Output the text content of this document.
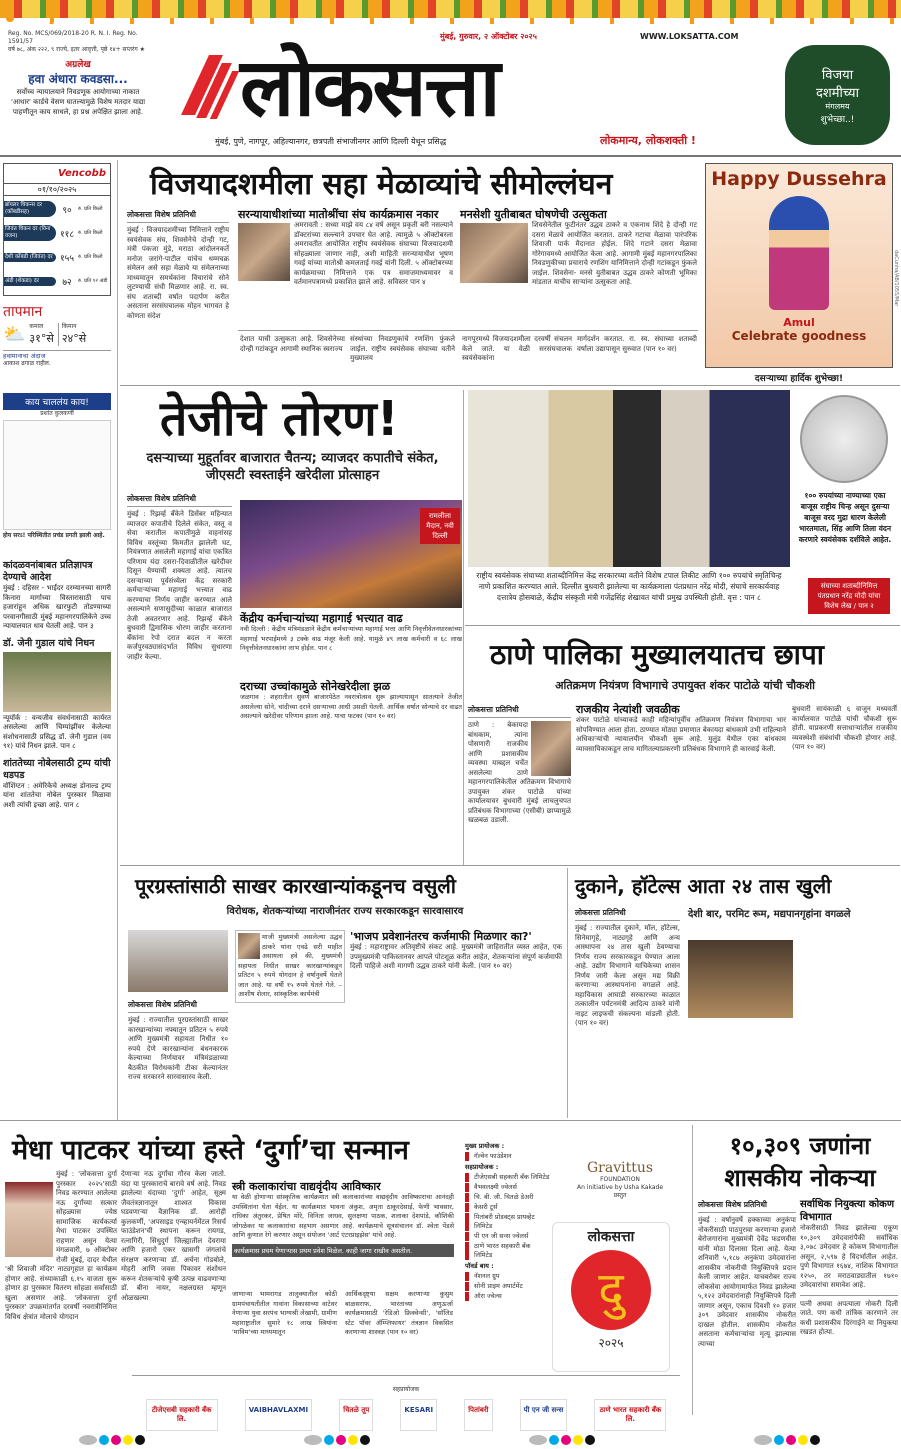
Reg. No. MCS/069/2018-20 R. N. I. Reg. No. 1591/57
वर्ष ७८, अंक २२२, ९ राज्ये, इतर आवृत्ती, पृष्ठे १४+ सप्तरंग ★
अग्रलेख
हवा अंधारा कवडसा...
सर्वोच्च न्यायालयाने निवडणूक आयोगाच्या नाकात 'आधार' कार्डचे वेसण घातल्यामुळे विशेष मतदार याद्या पाहणीतून काय साधले, हा प्रश्न अपेक्षित झाला आहे. लोकसत्ता
मुंबई, गुरुवार, २ ऑक्टोबर २०२५	WWW.LOKSATTA.COM
मुंबई, पुणे, नागपूर, अहिल्यानगर, छत्रपती संभाजीनगर आणि दिल्ली येथून प्रसिद्ध	लोकमान्य, लोकशक्ती !
विजया
दशमीच्या
मंगलमय
शुभेच्छा..!
Vencobb
०१/१०/२०२५
ब्रॉयलर चिकन्स दर (कोंबडीसह)	९०	रु. प्रति किलो
जिवंत चिकन दर (विना वजन)	११८ रु. प्रति किलो
देशी कोंबडी (जिवंत) दर १५५ रु. प्रति किलो
अंडी (शेकडा) दर	७२	रु. प्रति १२ अंडी
तापमान
⛅ कमाल
३१°से
किमान
२४°से
हवामानाचा अंदाज
आकाश ढगाळ राहील.
काय चाललंय काय!
प्रशांत कुलकर्णी
होय सरऽ! परिस्थितीत प्रचंड प्रगती झाली आहे.
कांदळवनांबाबत प्रतिज्ञापत्र देण्याचे आदेश
मुंबई : दहिसर - भाईंदर दरम्यानच्या सागरी किनारा मार्गाच्या विस्तारासाठी पाच हजारांहून अधिक खारफुटी तोडण्याच्या परवानगीसाठी मुंबई महानगरपालिकेने उच्च न्यायालयात धाव घेतली आहे. पान ३
डॉ. जेनी गुडाल यांचे निधन
न्यूयॉर्क : वन्यजीव संवर्धनासाठी कार्यरत असलेल्या आणि चिम्पांझींवर केलेल्या संशोधनासाठी प्रसिद्ध डॉ. जेनी गुडाल (वय ९१) यांचे निधन झाले. पान ८
शांततेच्या नोबेलसाठी ट्रम्प यांची धडपड
वॉशिंग्टन : अमेरिकेचे अध्यक्ष डोनाल्ड ट्रम्प यांना शांततेचा नोबेल पुरस्कार मिळावा अशी त्यांची इच्छा आहे. पान ८
विजयादशमीला सहा मेळाव्यांचे सीमोल्लंघन
लोकसत्ता विशेष प्रतिनिधी
मुंबई : विजयादशमीच्या निमित्ताने राष्ट्रीय स्वयंसेवक संघ, शिवसेनेचे दोन्ही गट, मंत्री पंकजा मुंडे, मराठा आंदोलनकर्ते मनोज जरांगे-पाटील यांचेच धम्मचक्र संमेलन असे सहा मेळावे या संमेलनाच्या माध्यमातून समर्थकांना विचारांचे सोने लुटण्याची संधी मिळणार आहे. रा. स्व. संघ शताब्दी वर्षात पदार्पण करीत असताना सरसंघचालक मोहन भागवत हे कोणता संदेश
सरन्यायाधीशांच्या मातोश्रींचा संघ कार्यक्रमास नकार
अमरावती : सध्या माझे वय ८४ वर्ष असून प्रकृती बरी नसल्याने डॉक्टरांच्या सल्ल्याने उपचार घेत आहे. त्यामुळे ५ ऑक्टोबरला अमरावतीत आयोजित राष्ट्रीय स्वयंसेवक संघाच्या विजयादशमी सोहळ्याला जाणार नाही, अशी माहिती सरन्यायाधीश भूषण गवई यांच्या मातोश्री कमलताई गवई यांनी दिली. ५ ऑक्टोबरच्या कार्यक्रमाच्या निमित्ताने एक पत्र समाजमाध्यमावर व वर्तमानपत्रामध्ये प्रकाशित झाले आहे. सविस्तर पान ४
मनसेशी युतीबाबत घोषणेची उत्सुकता
शिवसेनेतील फुटीनंतर उद्धव ठाकरे व एकनाथ शिंदे हे दोन्ही गट दसरा मेळावे आयोजित करतात. ठाकरे गटाचा मेळावा पारंपरिक शिवाजी पार्क मैदानात होईल. शिंदे गटाने दसरा मेळावा गोरेगावमध्ये आयोजित केला आहे. आगामी मुंबई महानगरपालिका निवडणुकीच्या प्रचाराचे रणशिंग यानिमित्ताने दोन्ही गटांकडून फुंकले जाईल. शिवसेना- मनसे युतीबाबत उद्धव ठाकरे कोणती भूमिका मांडतात याचीच साऱ्यांना उत्सुकता आहे.
देशात याची उत्सुकता आहे. शिवसेनेच्या दोन्ही गटांकडून आगामी स्थानिक स्वराज्य
संस्थांच्या निवडणुकांचे रणशिंग फुंकले जाईल. राष्ट्रीय स्वयंसेवक संघाच्या वतीने मुख्यालय
नागपूरमध्ये विजयादशमीला दरवर्षी संचलन केले जाते. या वेळी सरसंघचालक स्वयंसेवकांना
मार्गदर्शन करतात. रा. स्व. संघाच्या शताब्दी वर्षाला उद्यापासून सुरुवात (पान १० वर)
Happy Dussehra
Amul
Celebrate goodness
daCunha/AB/1055/Mar
दसऱ्याच्या हार्दिक शुभेच्छा!
तेजीचे तोरण!
दसऱ्याच्या मुहूर्तावर बाजारात चैतन्य; व्याजदर कपातीचे संकेत, जीएसटी स्वस्ताईने खरेदीला प्रोत्साहन
लोकसत्ता विशेष प्रतिनिधी
मुंबई : रिझर्व्ह बँकेने डिसेंबर महिन्यात व्याजदर कपातीचे दिलेले संकेत, वस्तू व सेवा करातील कपातीमुळे वाहनांसह विविध वस्तूंच्या किमतीत झालेली घट, नियंत्रणात असलेली महागाई यांचा एकत्रित परिणाम यंदा दसरा-दिवाळीतील खरेदीवर दिसून येण्याची शक्यता आहे. त्यातच दसऱ्याच्या पूर्वसंध्येला केंद्र सरकारी कर्मचाऱ्यांच्या महागाई भत्त्यात वाढ करण्याचा निर्णय जाहीर करण्यात आले असल्याने सणासुदीच्या काळात बाजारात तेजी अवतरणार आहे. रिझर्व्ह बँकेने बुधवारी द्विमासिक धोरण जाहीर करताना बँकांना रेपो दरात बदल न करता कर्जपुरवठ्यासंदर्भात विविध सुधारणा जाहीर केल्या.
रामलीला मैदान, नवी दिल्ली
केंद्रीय कर्मचाऱ्यांच्या महागाई भत्त्यात वाढ
नवी दिल्ली : केंद्रीय मंत्रिमंडळाने केंद्रीय कर्मचाऱ्यांच्या महागाई भत्ता आणि निवृत्तीवेतनधारकांच्या महागाई भरपाईमध्ये ३ टक्के वाढ मंजूर केली आहे. यामुळे ४९ लाख कर्मचारी व ६८ लाख निवृत्तीवेतनधारकांना लाभ होईल. पान ८
दराच्या उच्चांकामुळे सोनेखरेदीला झळ
जळगाव : शहरातील सुवर्ण बाजारपेठेत नवरात्रोत्सव सुरू झाल्यापासून सातत्याने तेजीत असलेल्या सोने, चांदीच्या दराने दसऱ्याच्या आधी उसळी घेतली. आर्थिक वर्षात सोन्याचे दर वाढत असल्याने खरेदीवर परिणाम झाला आहे. याचा फटका (पान १० वर)
राष्ट्रीय स्वयंसेवक संघाच्या शताब्दीनिमित्त केंद्र सरकारच्या वतीने विशेष टपाल तिकीट आणि १०० रुपयांचे स्मृतिचिन्ह नाणे प्रकाशित करण्यात आले. दिल्लीत बुधवारी झालेल्या या कार्यक्रमाला पंतप्रधान नरेंद्र मोदी, संघाचे सरकार्यवाह दत्तात्रेय होसबाळे, केंद्रीय संस्कृती मंत्री गजेंद्रसिंह शेखावत यांची प्रमुख उपस्थिती होती. वृत्त : पान ८
१०० रुपयांच्या नाण्याच्या एका बाजूस राष्ट्रीय चिन्ह असून दुसऱ्या बाजूस वरद मुद्रा धारण केलेली भारतमाता, सिंह आणि तिला वंदन करणारे स्वयंसेवक दर्शविले आहेत.
संघाच्या शताब्दीनिमित्त पंतप्रधान नरेंद्र मोदी यांचा विशेष लेख / पान २
ठाणे पालिका मुख्यालयातच छापा
अतिक्रमण नियंत्रण विभागाचे उपायुक्त शंकर पाटोळे यांची चौकशी
लोकसत्ता प्रतिनिधी
ठाणे : बेकायदा बांधकाम, त्यांना पोसणारी राजकीय आणि प्रशासकीय व्यवस्था याबद्दल चर्चेत असलेल्या ठाणे महानगरपालिकेतील अतिक्रमण विभागाचे उपायुक्त शंकर पाटोळे यांच्या कार्यालयावर बुधवारी मुंबई लाचलुचपत प्रतिबंधक विभागाच्या (एसीबी) छाप्यामुळे खळबळ उडाली.
राजकीय नेत्यांशी जवळीक
शंकर पाटोळे यांच्याकडे काही महिन्यांपूर्वीच अतिक्रमण नियंत्रण विभागाचा भार सोपविण्यात आला होता. ठाण्यात मोठ्या प्रमाणात बेकायदा बांधकामे उभी राहिल्याने अधिकाऱ्यांची न्यायालयीन चौकशी सुरू आहे. मुलुंड येथील एका बांधकाम व्यावसायिकाकडून लाच मागितल्याप्रकरणी प्रतिबंधक विभागाने ही कारवाई केली.
बुधवारी सायंकाळी ६ वाजून मध्यवर्ती कार्यालयात पाटोळे यांची चौकशी सुरू होती. याप्रकरणी सत्ताधाऱ्यांतील राजकीय व्यवस्थेशी संबंधांची चौकशी होणार आहे. (पान १० वर)
पूरग्रस्तांसाठी साखर कारखान्यांकडूनच वसुली
विरोधक, शेतकऱ्यांच्या नाराजीनंतर राज्य सरकारकडून सारवासारव
माजी मुख्यमंत्री असलेल्या उद्धव ठाकरे यांना एवढे सरी माहीत असायला हवे की, मुख्यमंत्री सहायता निधीत साखर कारखान्यांकडून प्रतिटन ५ रुपये योगदान हे वर्षानुवर्षे घेतले जात आहे. या वर्षी १५ रुपये घेतले गेले. – आशीष शेलार, सांस्कृतिक कार्यमंत्री
लोकसत्ता विशेष प्रतिनिधी
मुंबई : राज्यातील पूरग्रस्तांसाठी साखर कारखान्यांच्या नफ्यातून प्रतिटन ५ रुपये आणि मुख्यमंत्री सहायता निधीत १० रुपये देणे कारखान्यांना बंधनकारक केल्याच्या निर्णयावर मंत्रिमंडळाच्या बैठकीत विरोधकांनी टीका केल्यानंतर राज्य सरकारने सारवासारव केली.
'भाजप प्रवेशानंतरच कर्जमाफी मिळणार का?'
मुंबई : महाराष्ट्रावर अतिवृष्टीचे संकट आहे. मुख्यमंत्री जाहिरातीत व्यस्त आहेत, एक उपमुख्यमंत्री पाकिस्तानवर आपले पोटशूळ करीत आहेत, शेतकऱ्यांना संपूर्ण कर्जमाफी दिली पाहिजे अशी मागणी उद्धव ठाकरे यांनी केली. (पान १० वर)
दुकाने, हॉटेल्स आता २४ तास खुली
देशी बार, परमिट रूम, मद्यपानगृहांना वगळले
लोकसत्ता प्रतिनिधी
मुंबई : राज्यातील दुकाने, मॉल, हॉटेल्स, सिनेमागृहे, नाट्यगृहे आणि अन्य आस्थापना २४ तास खुली ठेवण्याचा निर्णय राज्य सरकारकडून घेण्यात आला आहे. उद्योग विभागाने याचिकेच्या शासन निर्णय जारी केला असून मद्य विक्री करणाऱ्या आस्थापनांना वगळले आहे. महाविकास आघाडी सरकारच्या काळात तत्कालीन पर्यटनमंत्री आदित्य ठाकरे यांनी नाइट लाइफची संकल्पना मांडली होती. (पान १० वर)
मेधा पाटकर यांच्या हस्ते ‘दुर्गा’चा सन्मान
मुंबई : 'लोकसत्ता दुर्गा पुरस्कार २०२५'साठी निवड करण्यात आलेल्या नऊ दुर्गांच्या सत्कार सोहळ्यास ज्येष्ठ सामाजिक कार्यकर्त्या मेधा पाटकर उपस्थित राहणार असून येत्या मंगळवारी, ७ ऑक्टोबर रोजी मुंबई, दादर येथील 'श्री शिवाजी मंदिर' नाट्यगृहात हा कार्यक्रम होणार आहे. संध्याकाळी ६.१५ वाजता सुरू होणार हा पुरस्कार वितरण सोहळा सर्वांसाठी खुला असणार आहे. 'लोकसत्ता दुर्गा पुरस्कार' उपक्रमांतर्गत दरवर्षी नवरात्रीनिमित्त विविध क्षेत्रांत मोलाचे योगदान
देणाऱ्या नऊ दुर्गांचा गौरव केला जातो. यंदा या पुरस्काराचे बारावे वर्ष आहे. निवड झालेल्या यंदाच्या 'दुर्गा' आहेत, सूक्ष्म जैवतंत्रज्ञानातून शाश्वत विकास घडवणाऱ्या वैज्ञानिक डॉ. आरोही कुलकर्णी, 'अपसाइड एन्व्हायर्नमेंटल रिसर्च फाउंडेशन'ची स्थापना करून रायगड, रत्नागिरी, सिंधुदुर्ग जिल्ह्यातील देवराया आणि हजारो एकर खासगी जंगलांचे संरक्षण करणाऱ्या डॉ. अर्चना गोडबोले, मोहरी आणि जवस पिकावर संशोधन करून शेतकऱ्यांचे कृषी उत्पन्न वाढवणाऱ्या डॉ. बीना नायर, नक्षलग्रस्त म्हणून ओळखल्या
स्त्री कलाकारांचा वाद्यवृंदीय आविष्कार
या वेळी होणाऱ्या सांस्कृतिक कार्यक्रमात स्त्री कलाकारांच्या वाद्यवृंदीय आविष्काराचा आनंदही उपस्थितांना घेता येईल. या कार्यक्रमात भावना अंकुश, अमृता ठाकूरदेसाई, फेणी भावसार, राधिका अंतुरकर, प्रेषित मोरे, विनिता जाधव, सुलक्षणा पाठक, शलाका देशपांडे, कौशिकी जोगळेकर या कलाकारांचा सहभाग असणार आहे. कार्यक्रमाचे सूत्रसंचालन डॉ. श्वेता पेंडसे आणि कुणाल रेगे करणार असून संयोजन 'आर्ट एंटरप्राइझेस' यांचे आहे.
कार्यक्रमास प्रथम येणाऱ्यास प्रथम प्रवेश मिळेल. काही जागा राखीव असतील.
जाणाऱ्या भामरागड तालुक्यातील कोठी ग्रामपंचायतीतील गावांना विकासाच्या वाटेवर नेणाऱ्या युवा सरपंच भाग्यश्री लेखामी, ग्रामीण महाराष्ट्रातील सुमारे १८ लाख स्त्रियांना 'माविम'च्या माध्यमातून
आर्थिकदृष्ट्या सक्षम करणाऱ्या कुसुम बाळसराफ, भारताच्या अणुऊर्जा कार्यक्रमासाठी 'रेडिओ फ्रिक्वेन्सी', 'सॉलिड स्टेट पॉवर ॲम्प्लिफायर' तंत्रज्ञान विकसित करणाऱ्या शास्त्रज्ञ (पान १० वर)
मुख्य प्रायोजक :
गॅल्वेन फाउंडेशन
सहप्रायोजक :
टीजेएसबी सहकारी बँक लिमिटेड
वैभवलक्ष्मी ज्वेलर्स
चि. बी. जी. चितळे डेअरी
केसरी टूर्स
पितांबरी प्रोडक्ट्स प्रायव्हेट लिमिटेड
पी एन जी सन्स ज्वेलर्स
ठाणे भारत सहकारी बँक लिमिटेड
पॉवर्ड बाय :
नॅशनल ग्रुप
सोनी प्राइम अपार्टमेंट
ऑरा ज्वेल्स
Gravittus
FOUNDATION
An initiative by Usha Kakade
प्रस्तुत
लोकसत्ता
दु
२०२५
सहप्रायोजक
टीजेएसबी सहकारी बँक लि.
VAIBHAVLAXMI	चितळे तूप	KESARI	पितांबरी	पी एन जी सन्स	ठाणे भारत सहकारी बँक लि.
१०,३०९ जणांना
शासकीय नोकऱ्या
लोकसत्ता विशेष प्रतिनिधी
मुंबई : वर्षानुवर्षे हक्काच्या अनुकंपा नोकरीसाठी पाठपुरावा करणाऱ्या हजारो बेरोजगारांना मुख्यमंत्री देवेंद्र फडणवीस यांनी मोठा दिलासा दिला आहे. येत्या शनिवारी ५,१८७ अनुकंपा उमेदवारांना शासकीय नोकरीची नियुक्तिपत्रे प्रदान केली जाणार आहेत. याचबरोबर राज्य लोकसेवा आयोगामार्फत निवड झालेल्या ५,१२२ उमेदवारांनाही नियुक्तिपत्रे दिली जाणार असून, एकाच दिवशी १० हजार ३०९ उमेदवार शासकीय नोकरीत दाखल होतील. शासकीय नोकरीत असताना कर्मचाऱ्यांचा मृत्यू झाल्यास त्याच्या
सर्वाधिक नियुक्त्या कोकण विभागात
नोकरीसाठी निवड झालेल्या एकूण १०,३०९ उमेदवारांपैकी सर्वाधिक ३,०७८ उमेदवार हे कोकण विभागातील असून, २,५९७ हे विदर्भातील आहेत. पुणे विभागात १६७४, नाशिक विभागात १२५०, तर मराठवाड्यातील १७१० उमेदवारांचा समावेश आहे.
पत्नी अथवा अपत्याला नोकरी दिली जाते. पण कधी तांत्रिक कारणाने तर कधी प्रशासकीय दिरंगाईने या नियुक्त्या रखडत होत्या.
